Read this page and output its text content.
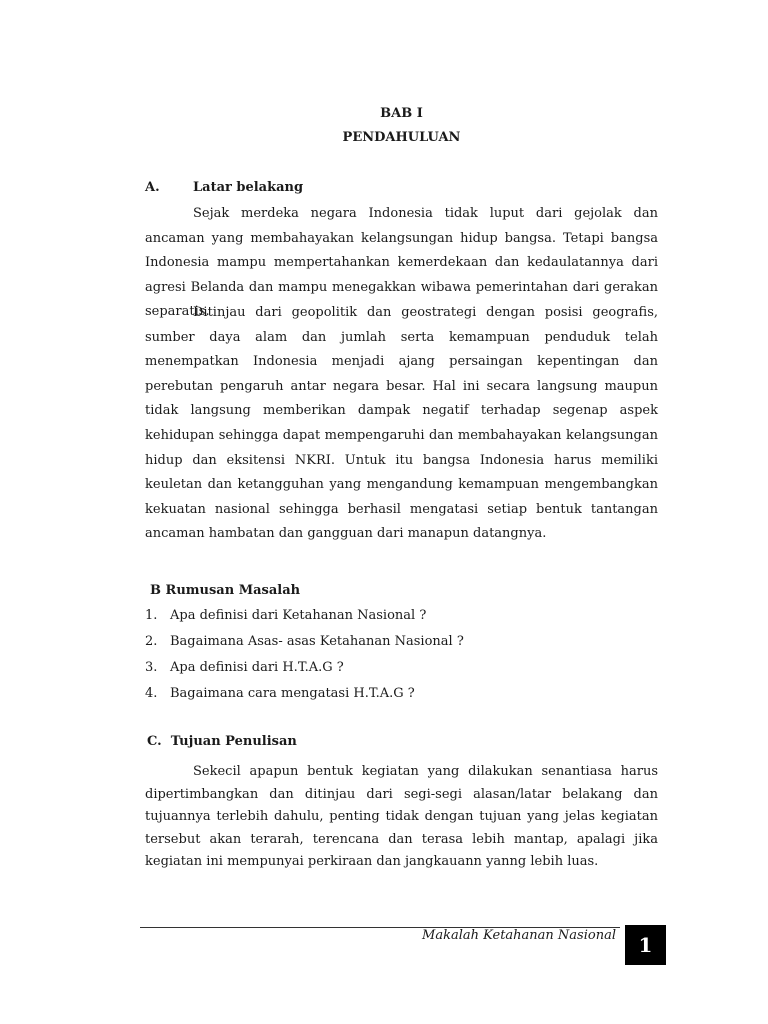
BAB I
PENDAHULUAN
A.	Latar belakang

Sejak merdeka negara Indonesia tidak luput dari gejolak dan ancaman yang membahayakan kelangsungan hidup bangsa. Tetapi bangsa Indonesia mampu mempertahankan kemerdekaan dan kedaulatannya dari agresi Belanda dan mampu menegakkan wibawa pemerintahan dari gerakan separatis.

Ditinjau dari geopolitik dan geostrategi dengan posisi geografis, sumber daya alam dan jumlah serta kemampuan penduduk telah menempatkan Indonesia menjadi ajang persaingan kepentingan dan perebutan pengaruh antar negara besar. Hal ini secara langsung maupun tidak langsung memberikan dampak negatif terhadap segenap aspek kehidupan sehingga dapat mempengaruhi dan membahayakan kelangsungan hidup dan eksitensi NKRI. Untuk itu bangsa Indonesia harus memiliki keuletan dan ketangguhan yang mengandung kemampuan mengembangkan kekuatan nasional sehingga berhasil mengatasi setiap bentuk tantangan ancaman hambatan dan gangguan dari manapun datangnya.

B Rumusan Masalah
1. Apa definisi dari Ketahanan Nasional ?
2. Bagaimana Asas- asas Ketahanan Nasional ?
3. Apa definisi dari H.T.A.G ?
4. Bagaimana cara mengatasi H.T.A.G ?
C.  Tujuan Penulisan

Sekecil apapun bentuk kegiatan yang dilakukan senantiasa harus dipertimbangkan dan ditinjau dari segi-segi alasan/latar belakang dan tujuannya terlebih dahulu, penting tidak dengan tujuan yang jelas kegiatan tersebut akan terarah, terencana dan terasa lebih mantap, apalagi jika kegiatan ini mempunyai perkiraan dan jangkauann yanng lebih luas.

Makalah Ketahanan Nasional	1
